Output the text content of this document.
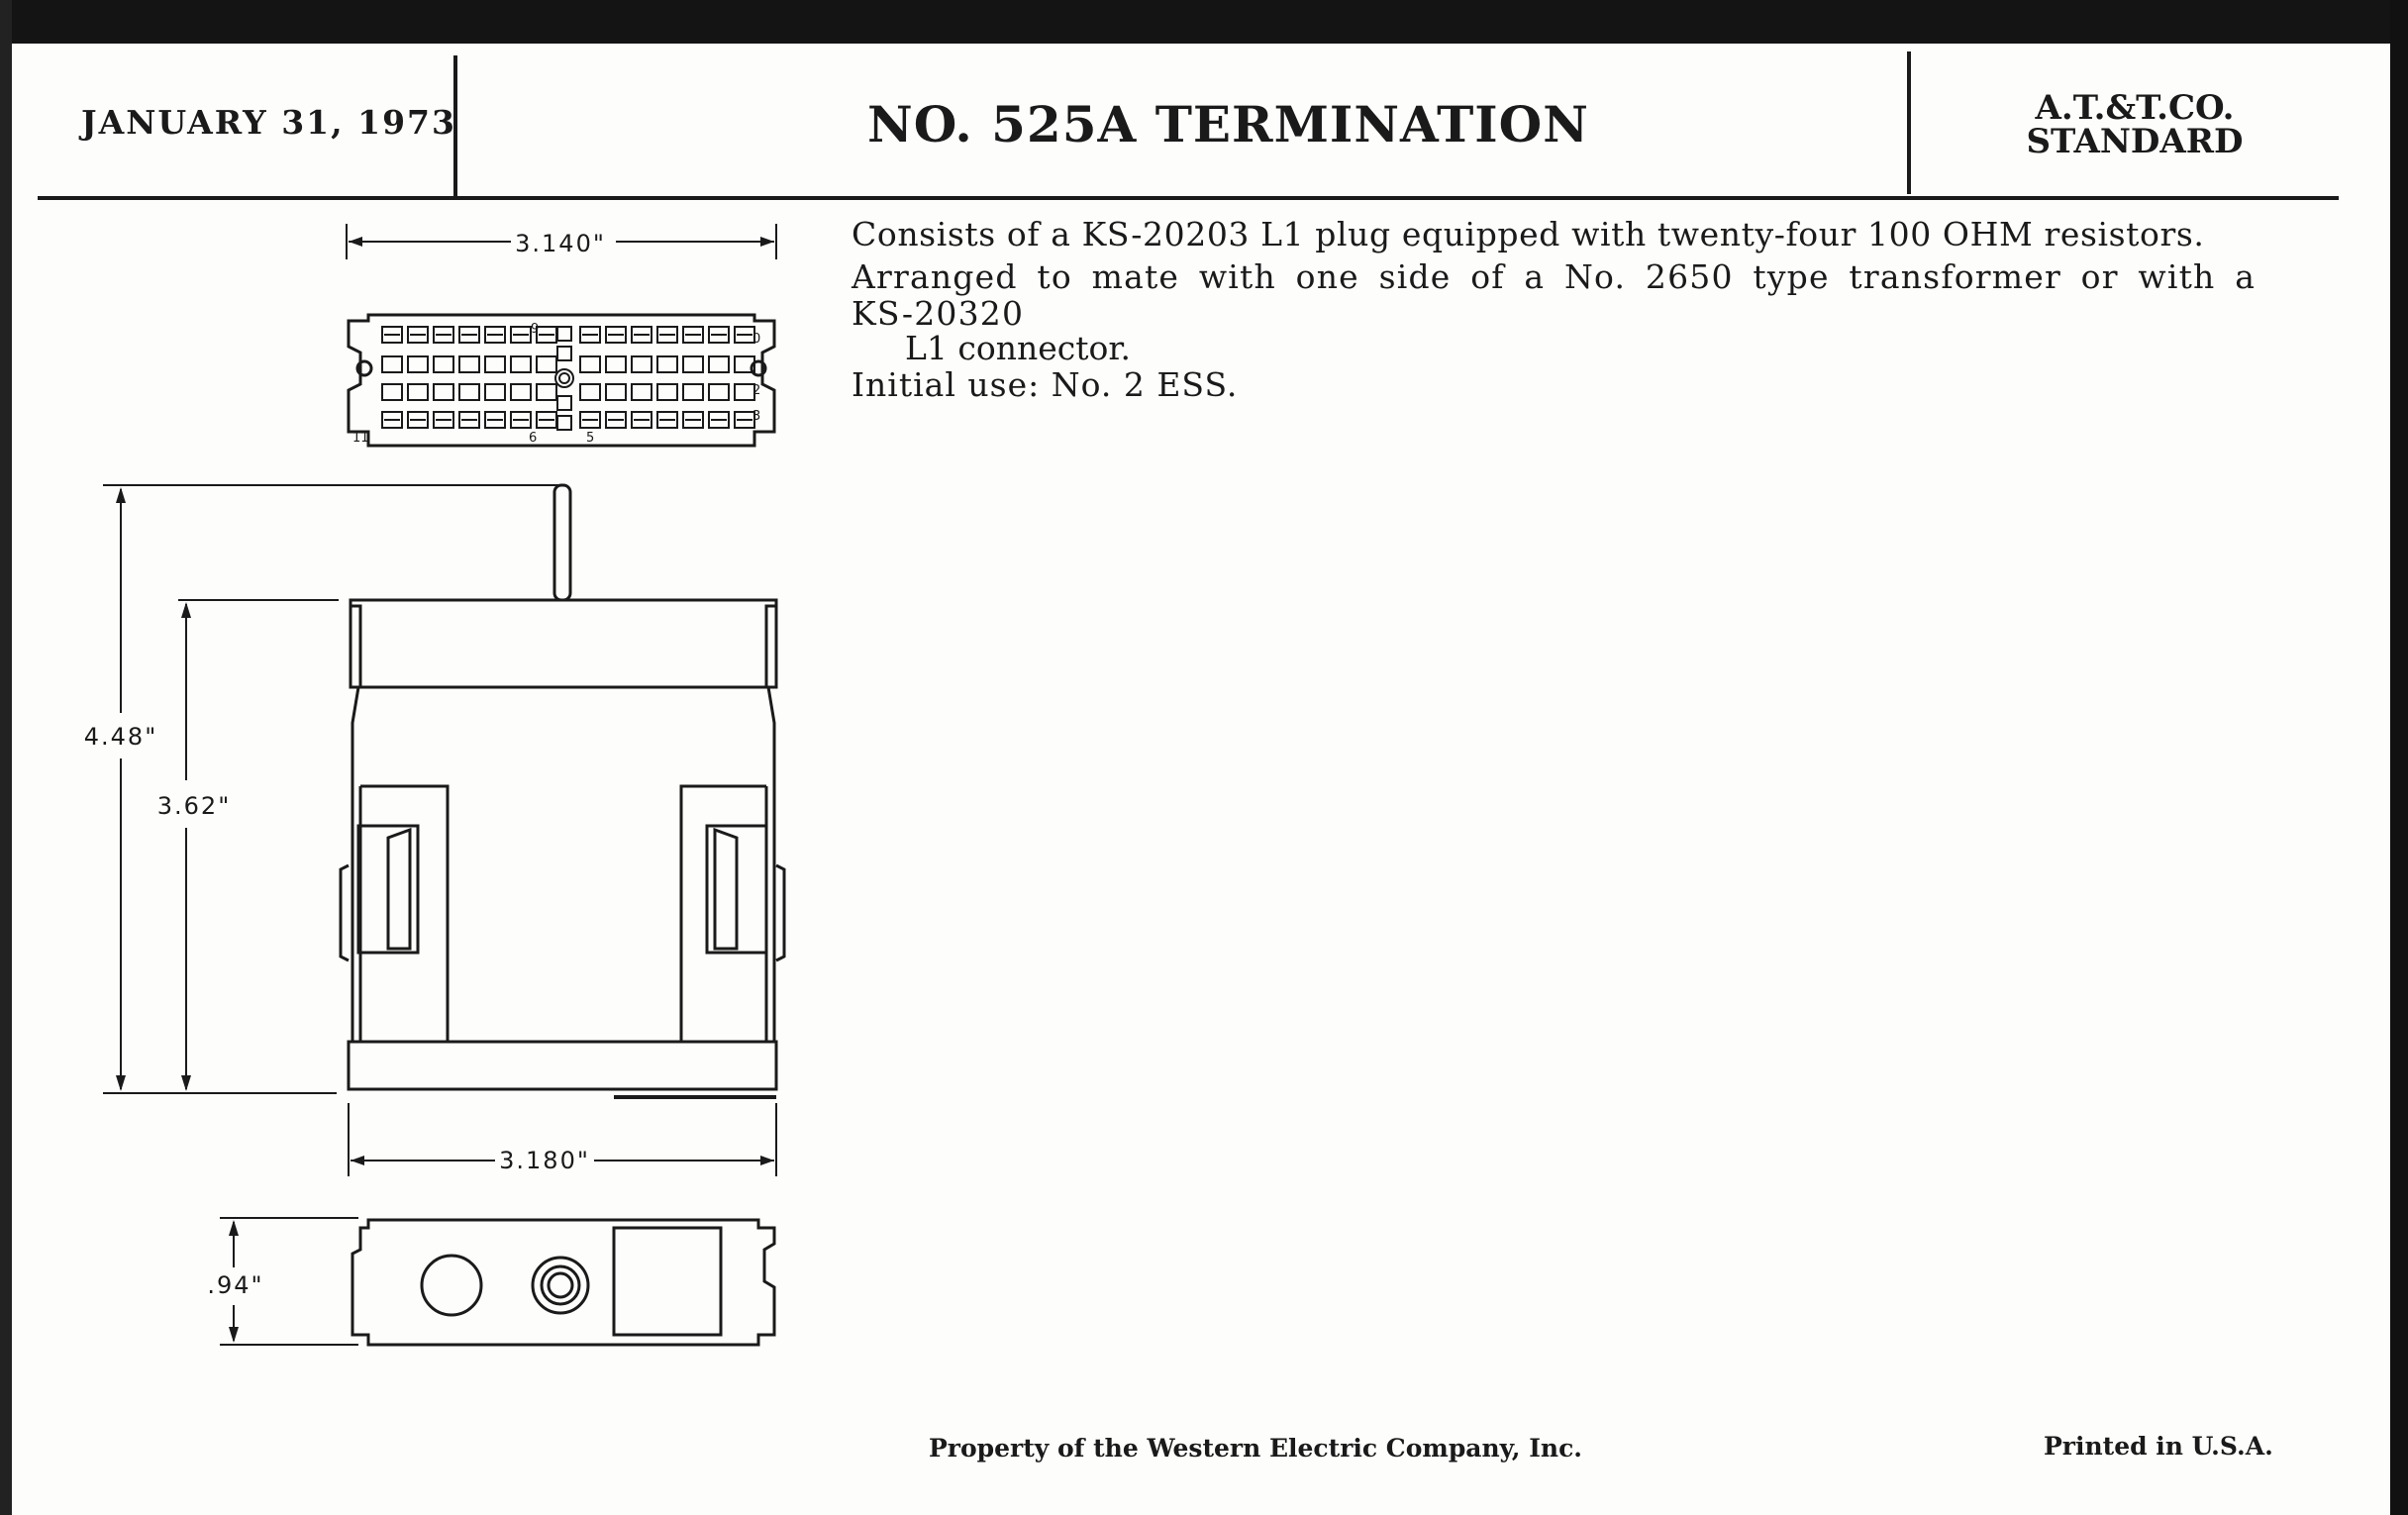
JANUARY 31, 1973	NO. 525A TERMINATION	A.T.&T.CO.
STANDARD

Consists of a KS-20203 L1 plug equipped with twenty-four 100 OHM resistors.

Arranged to mate with one side of a No. 2650 type transformer or with a KS-20320

L1 connector.

Initial use: No. 2 ESS.

3.140"
4.48"
3.62"
3.180"
.94"
0
2
3
6
9
5
11
Property of the Western Electric Company, Inc.	Printed in U.S.A.
